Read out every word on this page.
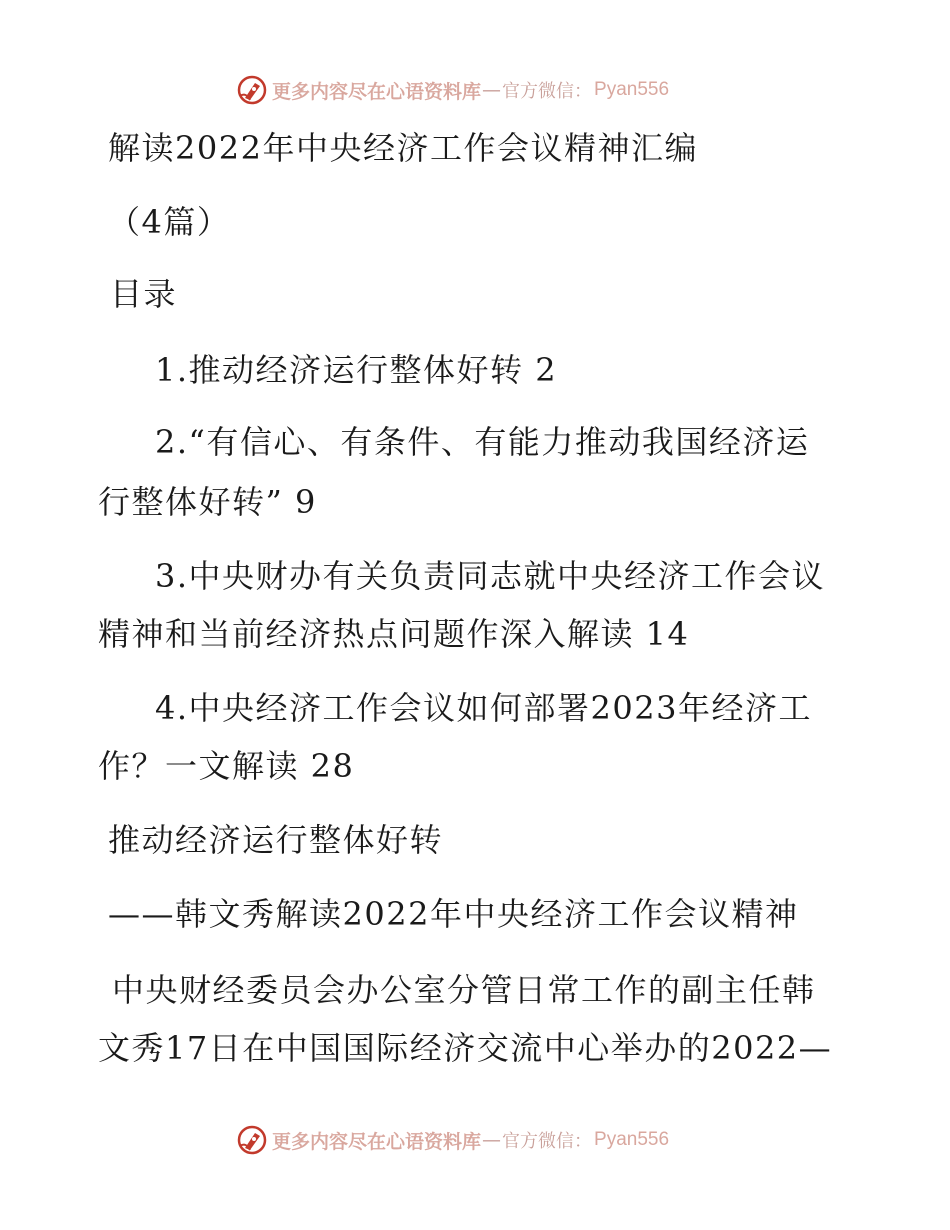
更多内容尽在心语资料库 — 官方微信： Pyan556
解读2022年中央经济工作会议精神汇编
（4篇）
目录
1.推动经济运行整体好转 2
2.“有信心、有条件、有能力推动我国经济运
行整体好转” 9
3.中央财办有关负责同志就中央经济工作会议
精神和当前经济热点问题作深入解读 14
4.中央经济工作会议如何部署2023年经济工
作？一文解读 28
推动经济运行整体好转
——韩文秀解读2022年中央经济工作会议精神
中央财经委员会办公室分管日常工作的副主任韩
文秀17日在中国国际经济交流中心举办的2022—
更多内容尽在心语资料库 — 官方微信： Pyan556
